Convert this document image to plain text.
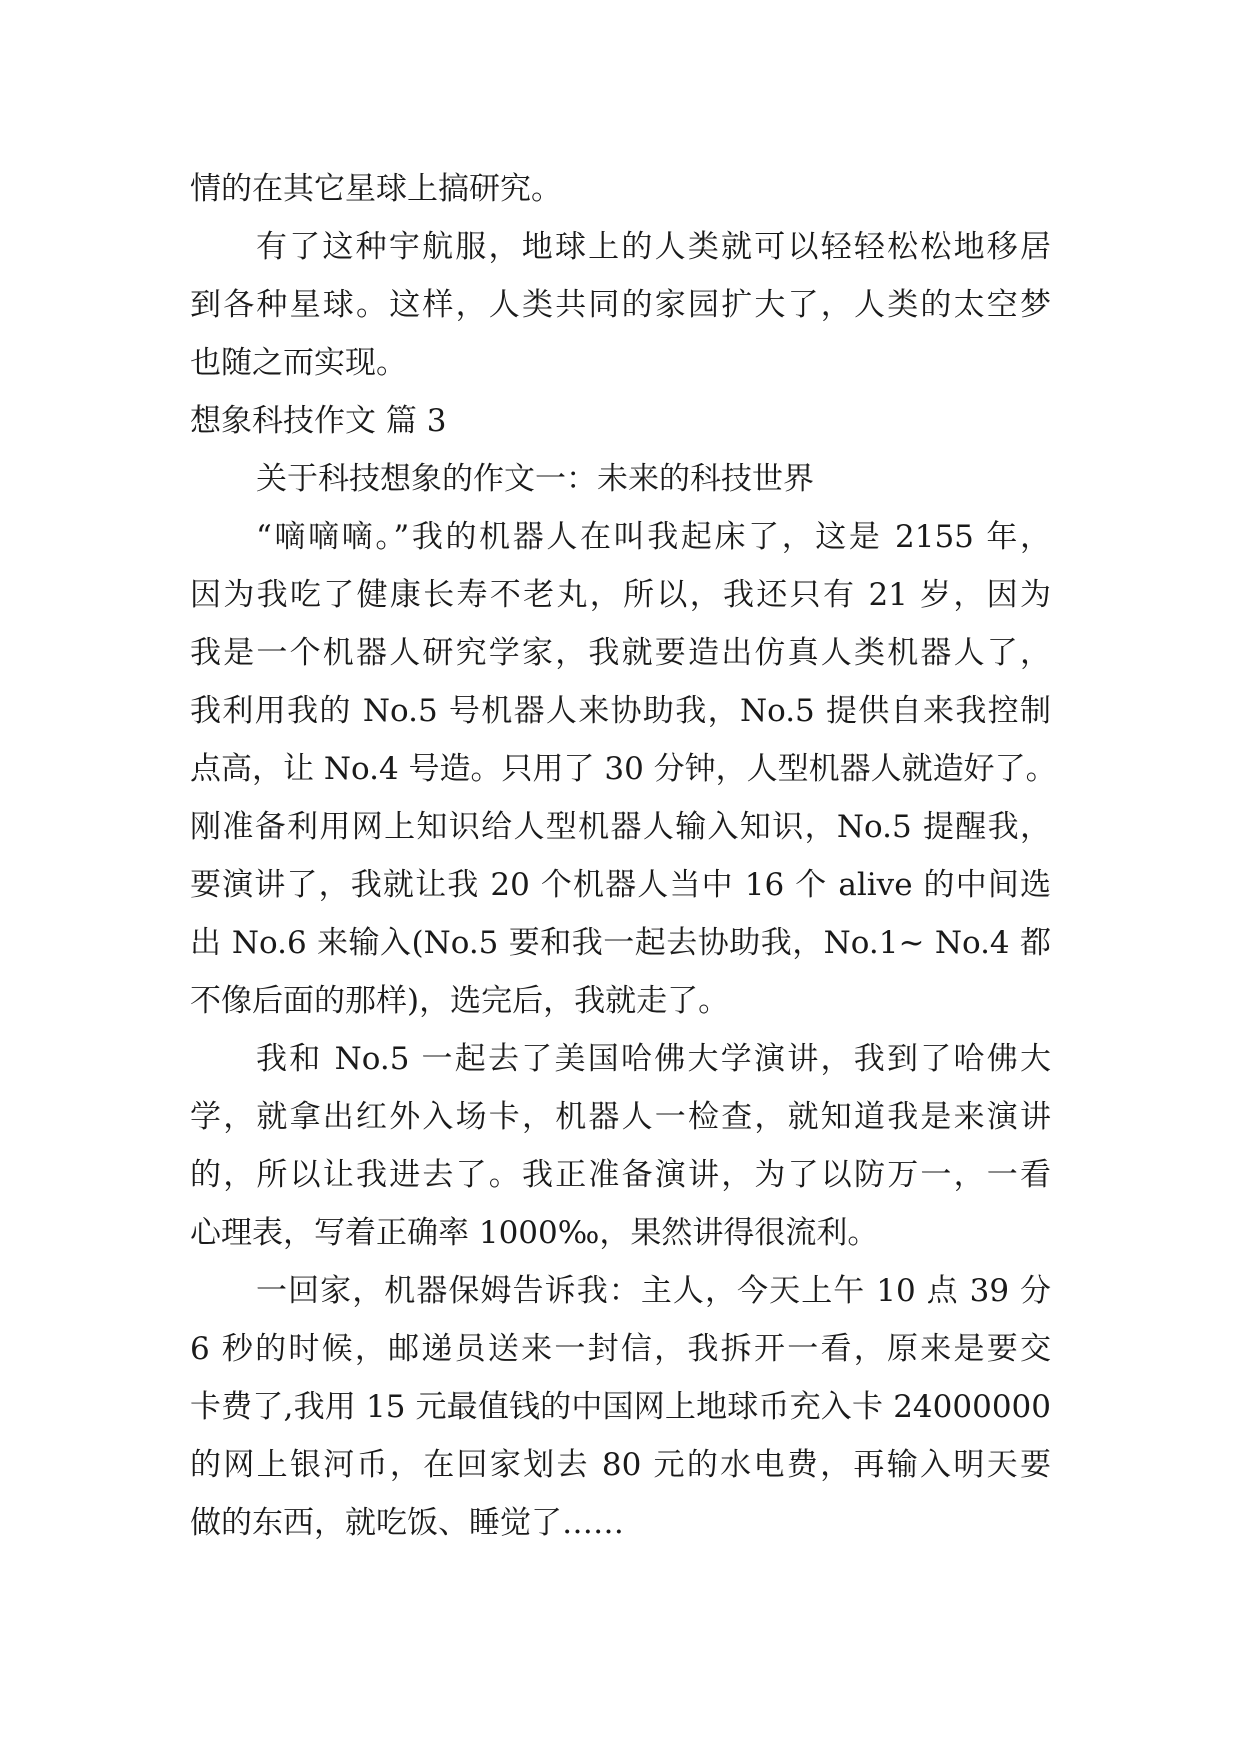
情的在其它星球上搞研究。
有了这种宇航服，地球上的人类就可以轻轻松松地移居
到各种星球。这样，人类共同的家园扩大了，人类的太空梦
也随之而实现。
想象科技作文 篇 3
关于科技想象的作文一：未来的科技世界
“嘀嘀嘀。”我的机器人在叫我起床了，这是 2155 年，
因为我吃了健康长寿不老丸，所以，我还只有 21 岁，因为
我是一个机器人研究学家，我就要造出仿真人类机器人了，
我利用我的 No.5 号机器人来协助我，No.5 提供自来我控制
点高，让 No.4 号造。只用了 30 分钟，人型机器人就造好了。
刚准备利用网上知识给人型机器人输入知识，No.5 提醒我，
要演讲了，我就让我 20 个机器人当中 16 个 alive 的中间选
出 No.6 来输入(No.5 要和我一起去协助我，No.1~ No.4 都
不像后面的那样)，选完后，我就走了。
我和 No.5 一起去了美国哈佛大学演讲，我到了哈佛大
学，就拿出红外入场卡，机器人一检查，就知道我是来演讲
的，所以让我进去了。我正准备演讲，为了以防万一，一看
心理表，写着正确率 1000‰，果然讲得很流利。
一回家，机器保姆告诉我：主人，今天上午 10 点 39 分
6 秒的时候，邮递员送来一封信，我拆开一看，原来是要交
卡费了,我用 15 元最值钱的中国网上地球币充入卡 24000000
的网上银河币，在回家划去 80 元的水电费，再输入明天要
做的东西，就吃饭、睡觉了……
